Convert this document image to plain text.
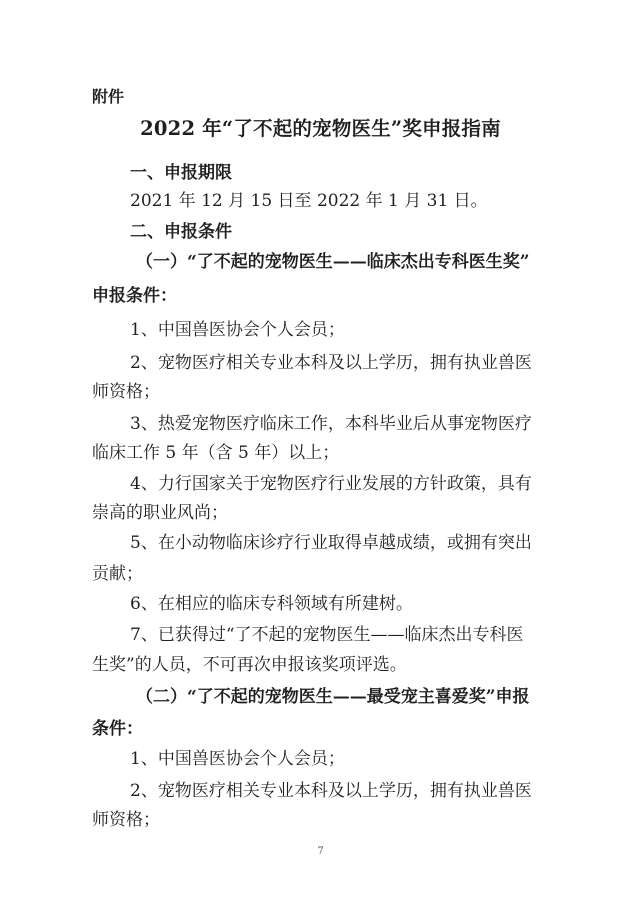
附件
2022 年“了不起的宠物医生”奖申报指南
一、申报期限
2021 年 12 月 15 日至 2022 年 1 月 31 日。
二、申报条件
（一）“了不起的宠物医生——临床杰出专科医生奖”
申报条件：
1、中国兽医协会个人会员；
2、宠物医疗相关专业本科及以上学历，拥有执业兽医
师资格；
3、热爱宠物医疗临床工作，本科毕业后从事宠物医疗
临床工作 5 年（含 5 年）以上；
4、力行国家关于宠物医疗行业发展的方针政策，具有
崇高的职业风尚；
5、在小动物临床诊疗行业取得卓越成绩，或拥有突出
贡献；
6、在相应的临床专科领域有所建树。
7、已获得过“了不起的宠物医生——临床杰出专科医
生奖”的人员，不可再次申报该奖项评选。
（二）“了不起的宠物医生——最受宠主喜爱奖”申报
条件：
1、中国兽医协会个人会员；
2、宠物医疗相关专业本科及以上学历，拥有执业兽医
师资格；
7
